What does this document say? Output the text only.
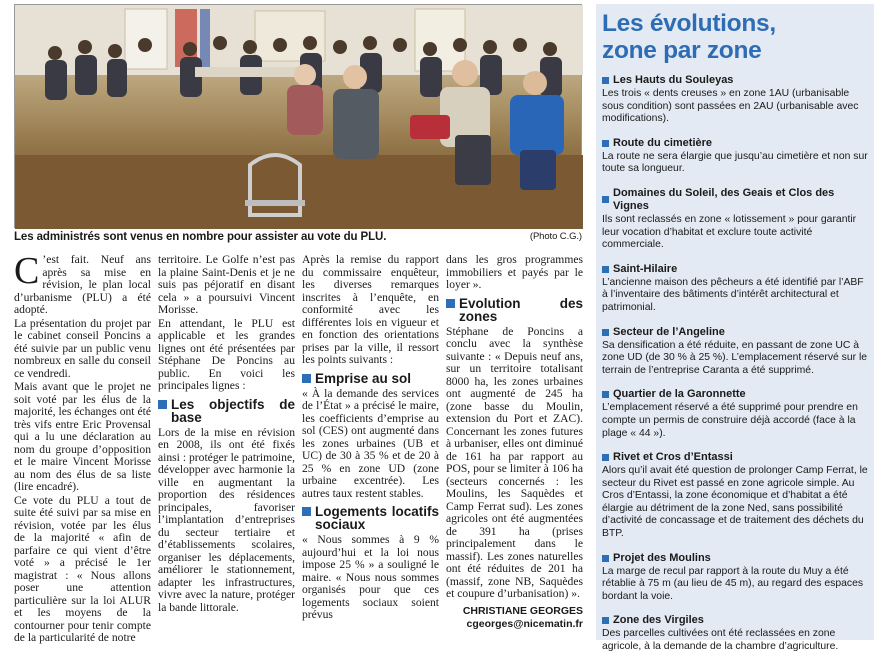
Les administrés sont venus en nombre pour assister au vote du PLU.	(Photo C.G.)

C ’est fait. Neuf ans après sa mise en révision, le plan local d’urbanisme (PLU) a été adopté.

La présentation du projet par le cabinet conseil Poncins a été suivie par un public venu nombreux en salle du conseil ce vendredi.

Mais avant que le projet ne soit voté par les élus de la majorité, les échanges ont été très vifs entre Eric Provensal qui a lu une déclaration au nom du groupe d’opposition et le maire Vincent Morisse au nom des élus de sa liste (lire encadré).

Ce vote du PLU a tout de suite été suivi par sa mise en révision, votée par les élus de la majorité « afin de parfaire ce qui vient d’être voté » a précisé le 1er magistrat : « Nous allons poser une attention particulière sur la loi ALUR et les moyens de la contourner pour tenir compte de la particularité de notre

territoire. Le Golfe n’est pas la plaine Saint-Denis et je ne suis pas péjoratif en disant cela » a poursuivi Vincent Morisse.

En attendant, le PLU est applicable et les grandes lignes ont été présentées par Stéphane De Poncins au public. En voici les principales lignes :

Les objectifs de base

Lors de la mise en révision en 2008, ils ont été fixés ainsi : protéger le patrimoine, développer avec harmonie la ville en augmentant la proportion des résidences principales, favoriser l’implantation d’entreprises du secteur tertiaire et d’établissements scolaires, organiser les déplacements, améliorer le stationnement, adapter les infrastructures, vivre avec la nature, protéger la bande littorale.

Après la remise du rapport du commissaire enquêteur, les diverses remarques inscrites à l’enquête, en conformité avec les différentes lois en vigueur et en fonction des orientations prises par la ville, il ressort les points suivants :

Emprise au sol

« À la demande des services de l’État » a précisé le maire, les coefficients d’emprise au sol (CES) ont augmenté dans les zones urbaines (UB et UC) de 30 à 35 % et de 20 à 25 % en zone UD (zone urbaine excentrée). Les autres taux restent stables.

Logements locatifs sociaux

« Nous sommes à 9 % aujourd’hui et la loi nous impose 25 % » a souligné le maire. « Nous nous sommes organisés pour que ces logements sociaux soient prévus

dans les gros programmes immobiliers et payés par le loyer ».

Evolution des zones

Stéphane de Poncins a conclu avec la synthèse suivante : « Depuis neuf ans, sur un territoire totalisant 8000 ha, les zones urbaines ont augmenté de 245 ha (zone basse du Moulin, extension du Port et ZAC). Concernant les zones futures à urbaniser, elles ont diminué de 161 ha par rapport au POS, pour se limiter à 106 ha (secteurs concernés : les Moulins, les Saquèdes et Camp Ferrat sud). Les zones agricoles ont été augmentées de 391 ha (prises principalement dans le massif). Les zones naturelles ont été réduites de 201 ha (massif, zone NB, Saquèdes et coupure d’urbanisation) ».

CHRISTIANE GEORGES
cgeorges@nicematin.fr
Les évolutions,
zone par zone
Les Hauts du Souleyas
Les trois « dents creuses » en zone 1AU (urbanisable sous condition) sont passées en 2AU (urbanisable avec modifications).
Route du cimetière
La route ne sera élargie que jusqu’au cimetière et non sur toute sa longueur.
Domaines du Soleil, des Geais et Clos des Vignes
Ils sont reclassés en zone « lotissement » pour garantir leur vocation d’habitat et exclure toute activité commerciale.
Saint-Hilaire
L’ancienne maison des pêcheurs a été identifié par l’ABF à l’inventaire des bâtiments d’intérêt architectural et patrimonial.
Secteur de l’Angeline
Sa densification a été réduite, en passant de zone UC à zone UD (de 30 % à 25 %). L’emplacement réservé sur le terrain de l’entreprise Caranta a été supprimé.
Quartier de la Garonnette
L’emplacement réservé a été supprimé pour prendre en compte un permis de construire déjà accordé (face à la plage « 44 »).
Rivet et Cros d’Entassi
Alors qu’il avait été question de prolonger Camp Ferrat, le secteur du Rivet est passé en zone agricole simple. Au Cros d’Entassi, la zone économique et d’habitat a été élargie au détriment de la zone Ned, sans possibilité d’activité de concassage et de traitement des déchets du BTP.
Projet des Moulins
La marge de recul par rapport à la route du Muy a été rétablie à 75 m (au lieu de 45 m), au regard des espaces bordant la voie.
Zone des Virgiles
Des parcelles cultivées ont été reclassées en zone agricole, à la demande de la chambre d’agriculture.
